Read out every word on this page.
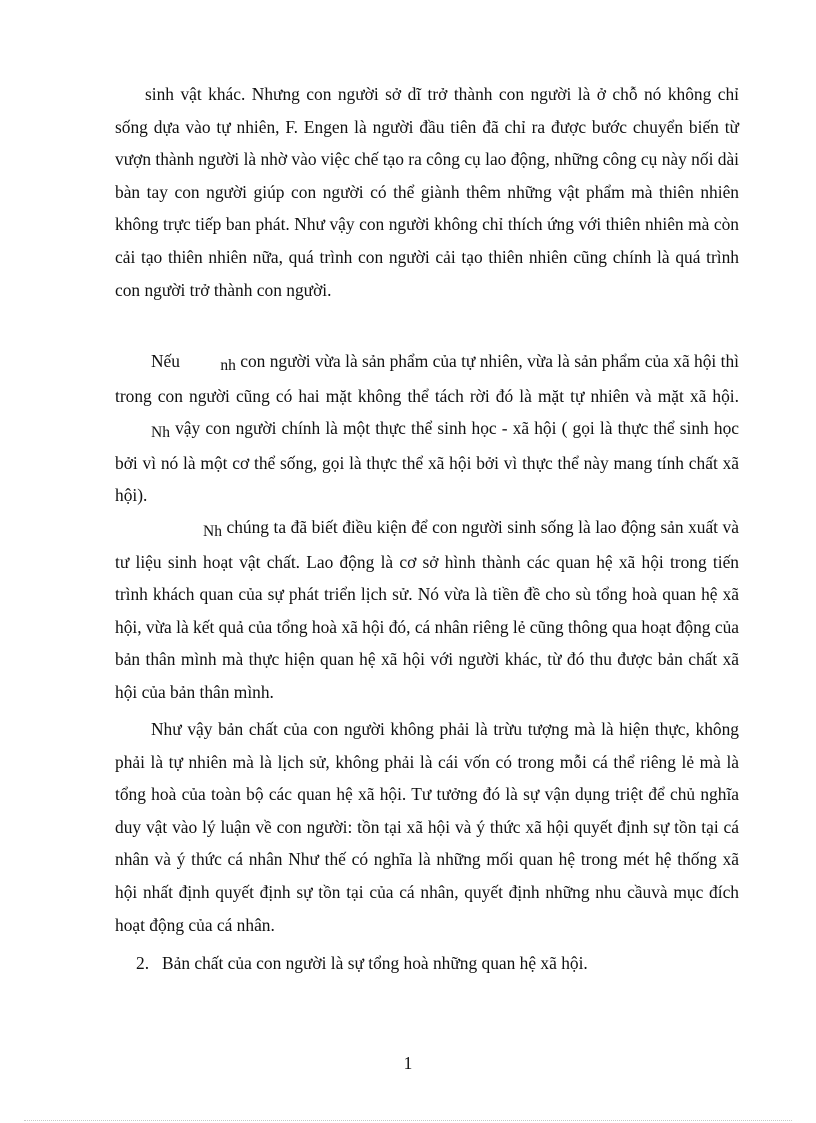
sinh vật khác. Nhưng con người sở dĩ trở thành con người là ở chỗ nó không chỉ sống dựa vào tự nhiên, F. Engen là người đầu tiên đã chỉ ra được bước chuyển biến từ vượn thành người là nhờ vào việc chế tạo ra công cụ lao động, những công cụ này nối dài bàn tay con người giúp con người có thể giành thêm những vật phẩm mà thiên nhiên không trực tiếp ban phát. Như vậy con người không chỉ thích ứng với thiên nhiên mà còn cải tạo thiên nhiên nữa, quá trình con người cải tạo thiên nhiên cũng chính là quá trình con người trở thành con người.

Nếu	nh con người vừa là sản phẩm của tự nhiên, vừa là sản phẩm của xã hội thì trong con người cũng có hai mặt không thể tách rời đó là mặt tự nhiên và mặt xã hội. Nh vậy con người chính là một thực thể sinh học - xã hội ( gọi là thực thể sinh học bởi vì nó là một cơ thể sống, gọi là thực thể xã hội bởi vì thực thể này mang tính chất xã hội).

Nh chúng ta đã biết điều kiện để con người sinh sống là lao động sản xuất và tư liệu sinh hoạt vật chất. Lao động là cơ sở hình thành các quan hệ xã hội trong tiến trình khách quan của sự phát triển lịch sử. Nó vừa là tiền đề cho sù tổng hoà quan hệ xã hội, vừa là kết quả của tổng hoà xã hội đó, cá nhân riêng lẻ cũng thông qua hoạt động của bản thân mình mà thực hiện quan hệ xã hội với người khác, từ đó thu được bản chất xã hội của bản thân mình.

Như vậy bản chất của con người không phải là trừu tượng mà là hiện thực, không phải là tự nhiên mà là lịch sử, không phải là cái vốn có trong mỗi cá thể riêng lẻ mà là tổng hoà của toàn bộ các quan hệ xã hội. Tư tưởng đó là sự vận dụng triệt để chủ nghĩa duy vật vào lý luận về con người: tồn tại xã hội và ý thức xã hội quyết định sự tồn tại cá nhân và ý thức cá nhân Như thế có nghĩa là những mối quan hệ trong mét hệ thống xã hội nhất định quyết định sự tồn tại của cá nhân, quyết định những nhu cầuvà mục đích hoạt động của cá nhân.

2. Bản chất của con người là sự tổng hoà những quan hệ xã hội.

1
